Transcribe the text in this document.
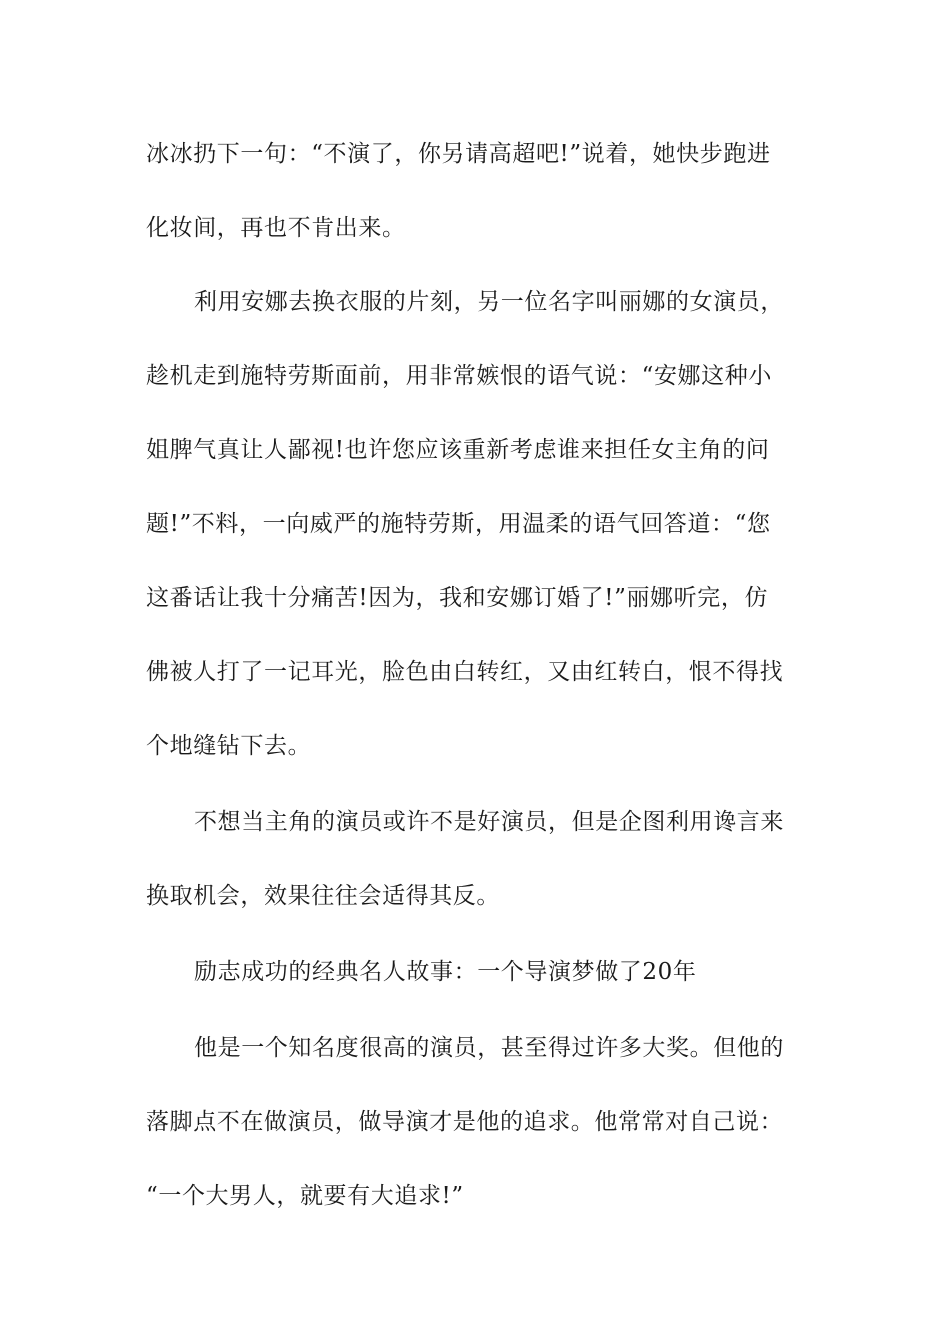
冰冰扔下一句：“不演了，你另请高超吧!”说着，她快步跑进
化妆间，再也不肯出来。
利用安娜去换衣服的片刻，另一位名字叫丽娜的女演员，
趁机走到施特劳斯面前，用非常嫉恨的语气说：“安娜这种小
姐脾气真让人鄙视!也许您应该重新考虑谁来担任女主角的问
题!”不料，一向威严的施特劳斯，用温柔的语气回答道：“您
这番话让我十分痛苦!因为，我和安娜订婚了!”丽娜听完，仿
佛被人打了一记耳光，脸色由白转红，又由红转白，恨不得找
个地缝钻下去。
不想当主角的演员或许不是好演员，但是企图利用谗言来
换取机会，效果往往会适得其反。
励志成功的经典名人故事：一个导演梦做了20年
他是一个知名度很高的演员，甚至得过许多大奖。但他的
落脚点不在做演员，做导演才是他的追求。他常常对自己说：
“一个大男人，就要有大追求!”
